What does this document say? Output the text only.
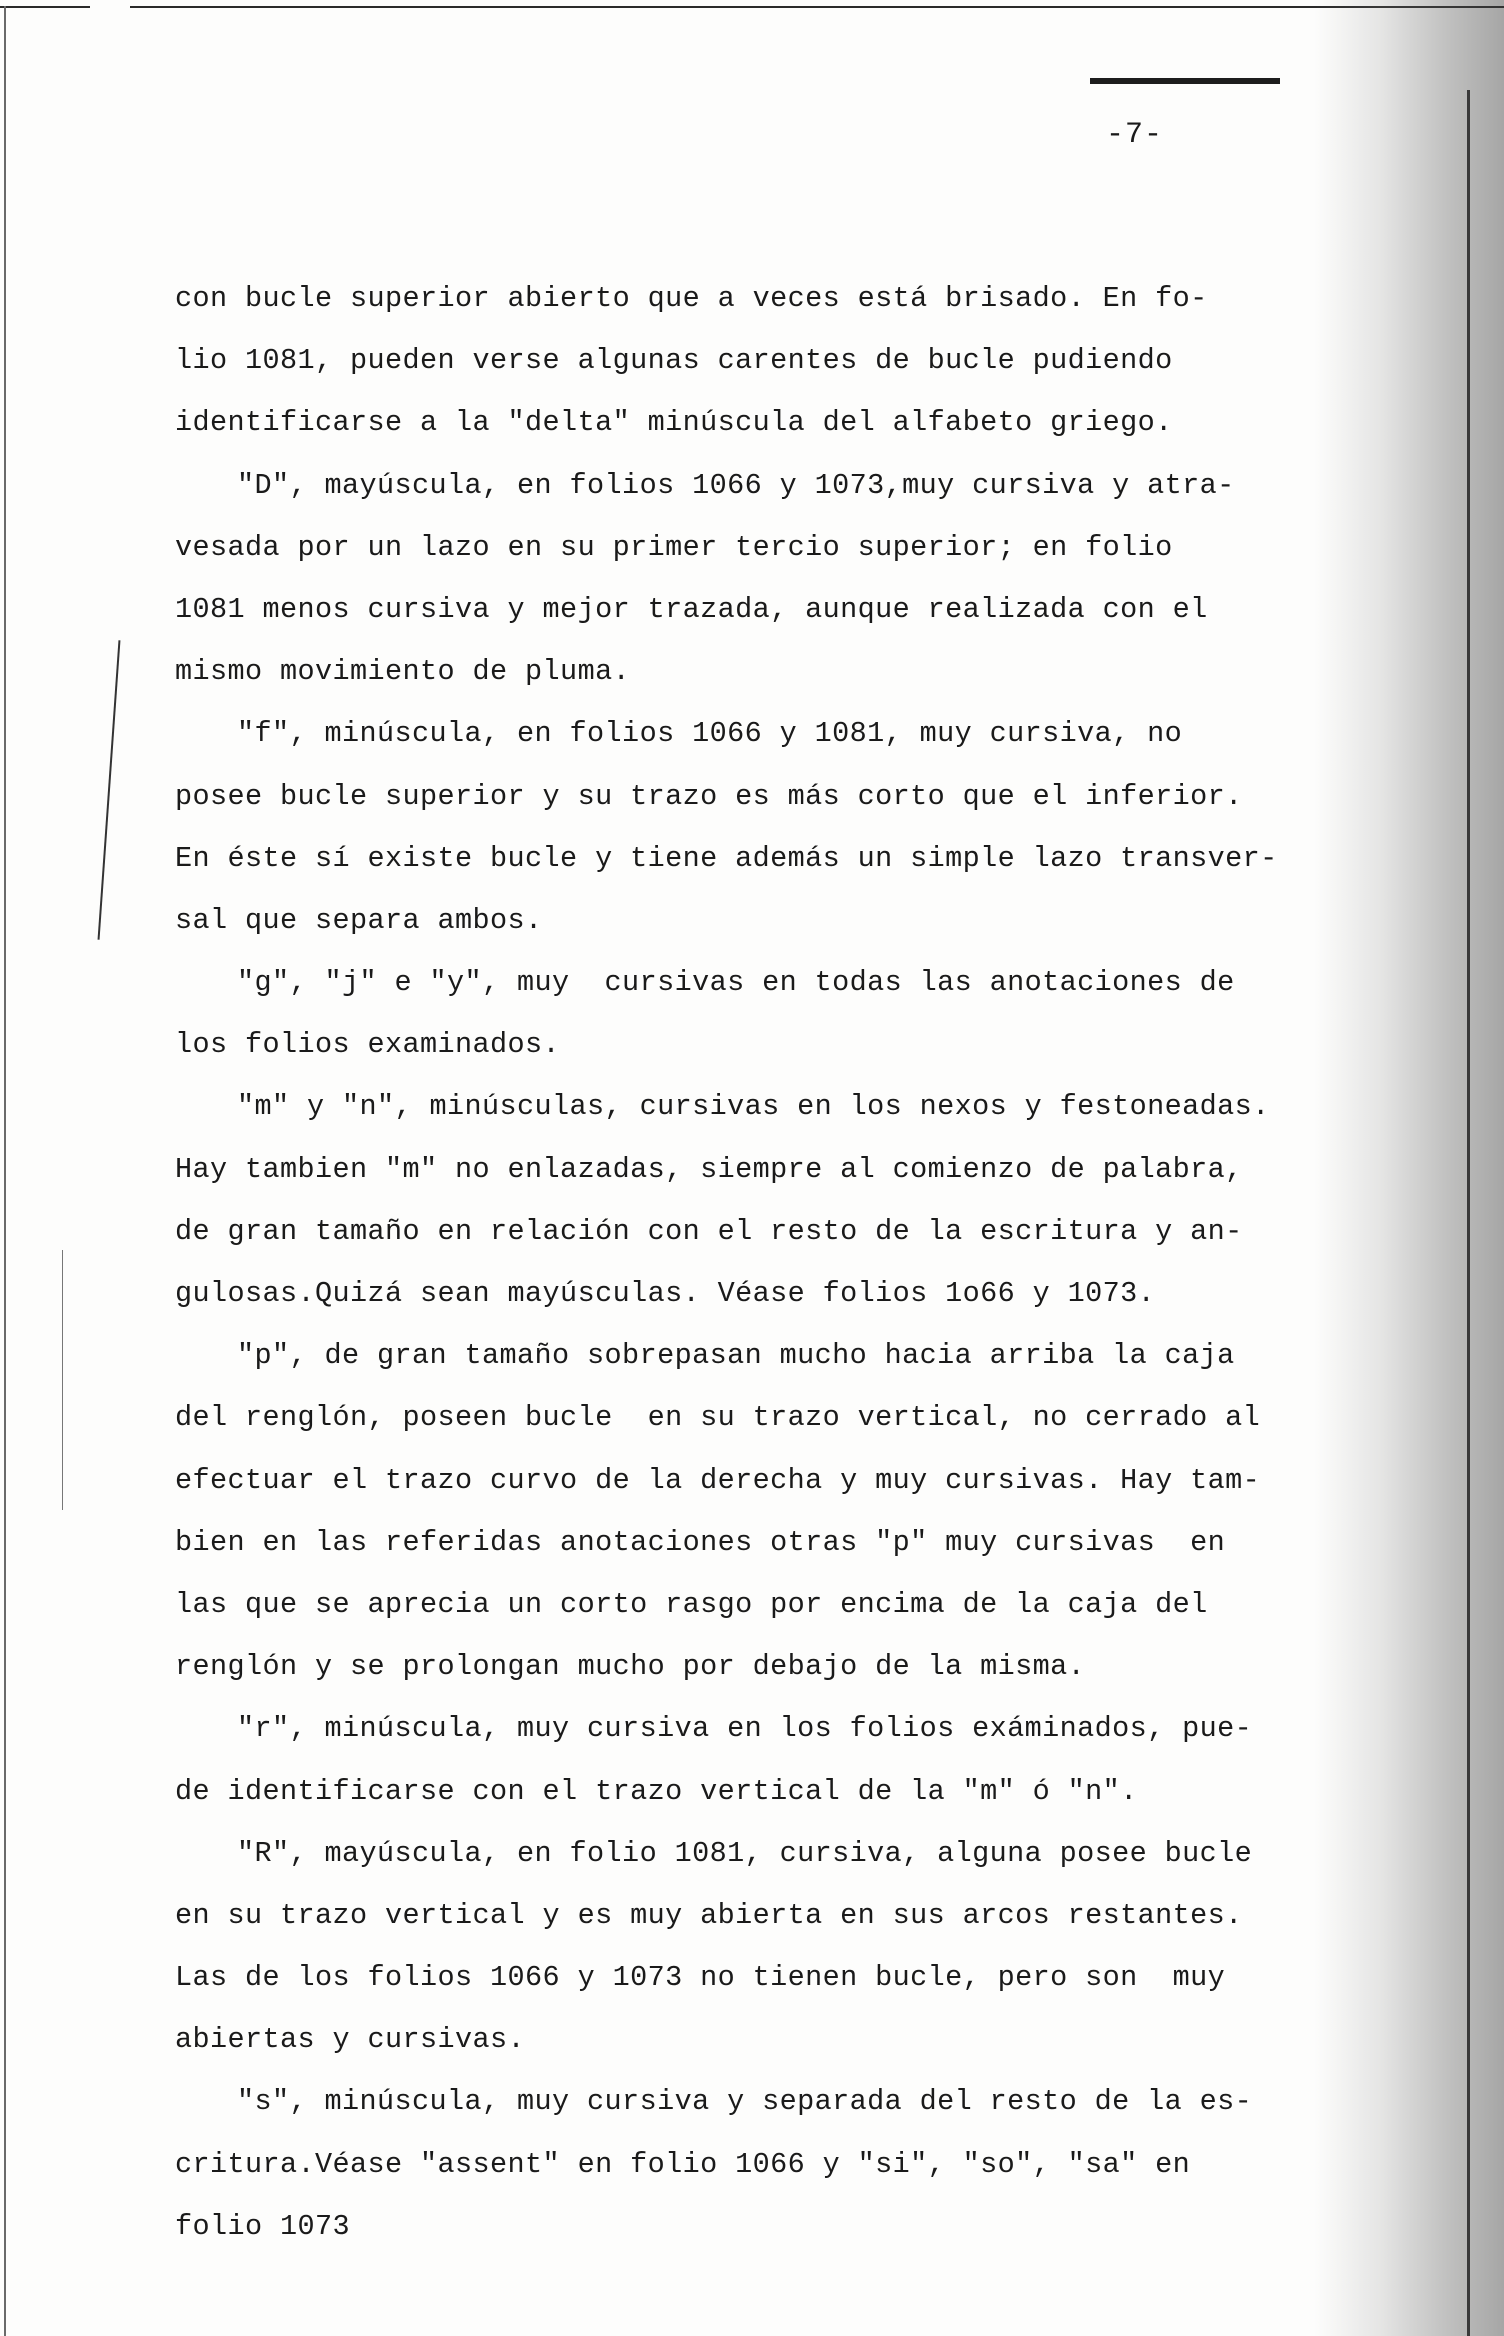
-7-
con bucle superior abierto que a veces está brisado. En fo-
lio 1081, pueden verse algunas carentes de bucle pudiendo
identificarse a la "delta" minúscula del alfabeto griego.
"D", mayúscula, en folios 1066 y 1073,muy cursiva y atra-
vesada por un lazo en su primer tercio superior; en folio
1081 menos cursiva y mejor trazada, aunque realizada con el
mismo movimiento de pluma.
"f", minúscula, en folios 1066 y 1081, muy cursiva, no
posee bucle superior y su trazo es más corto que el inferior.
En éste sí existe bucle y tiene además un simple lazo transver-
sal que separa ambos.
"g", "j" e "y", muy  cursivas en todas las anotaciones de
los folios examinados.
"m" y "n", minúsculas, cursivas en los nexos y festoneadas.
Hay tambien "m" no enlazadas, siempre al comienzo de palabra,
de gran tamaño en relación con el resto de la escritura y an-
gulosas.Quizá sean mayúsculas. Véase folios 1o66 y 1073.
"p", de gran tamaño sobrepasan mucho hacia arriba la caja
del renglón, poseen bucle  en su trazo vertical, no cerrado al
efectuar el trazo curvo de la derecha y muy cursivas. Hay tam-
bien en las referidas anotaciones otras "p" muy cursivas  en
las que se aprecia un corto rasgo por encima de la caja del
renglón y se prolongan mucho por debajo de la misma.
"r", minúscula, muy cursiva en los folios exáminados, pue-
de identificarse con el trazo vertical de la "m" ó "n".
"R", mayúscula, en folio 1081, cursiva, alguna posee bucle
en su trazo vertical y es muy abierta en sus arcos restantes.
Las de los folios 1066 y 1073 no tienen bucle, pero son  muy
abiertas y cursivas.
"s", minúscula, muy cursiva y separada del resto de la es-
critura.Véase "assent" en folio 1066 y "si", "so", "sa" en
folio 1073
